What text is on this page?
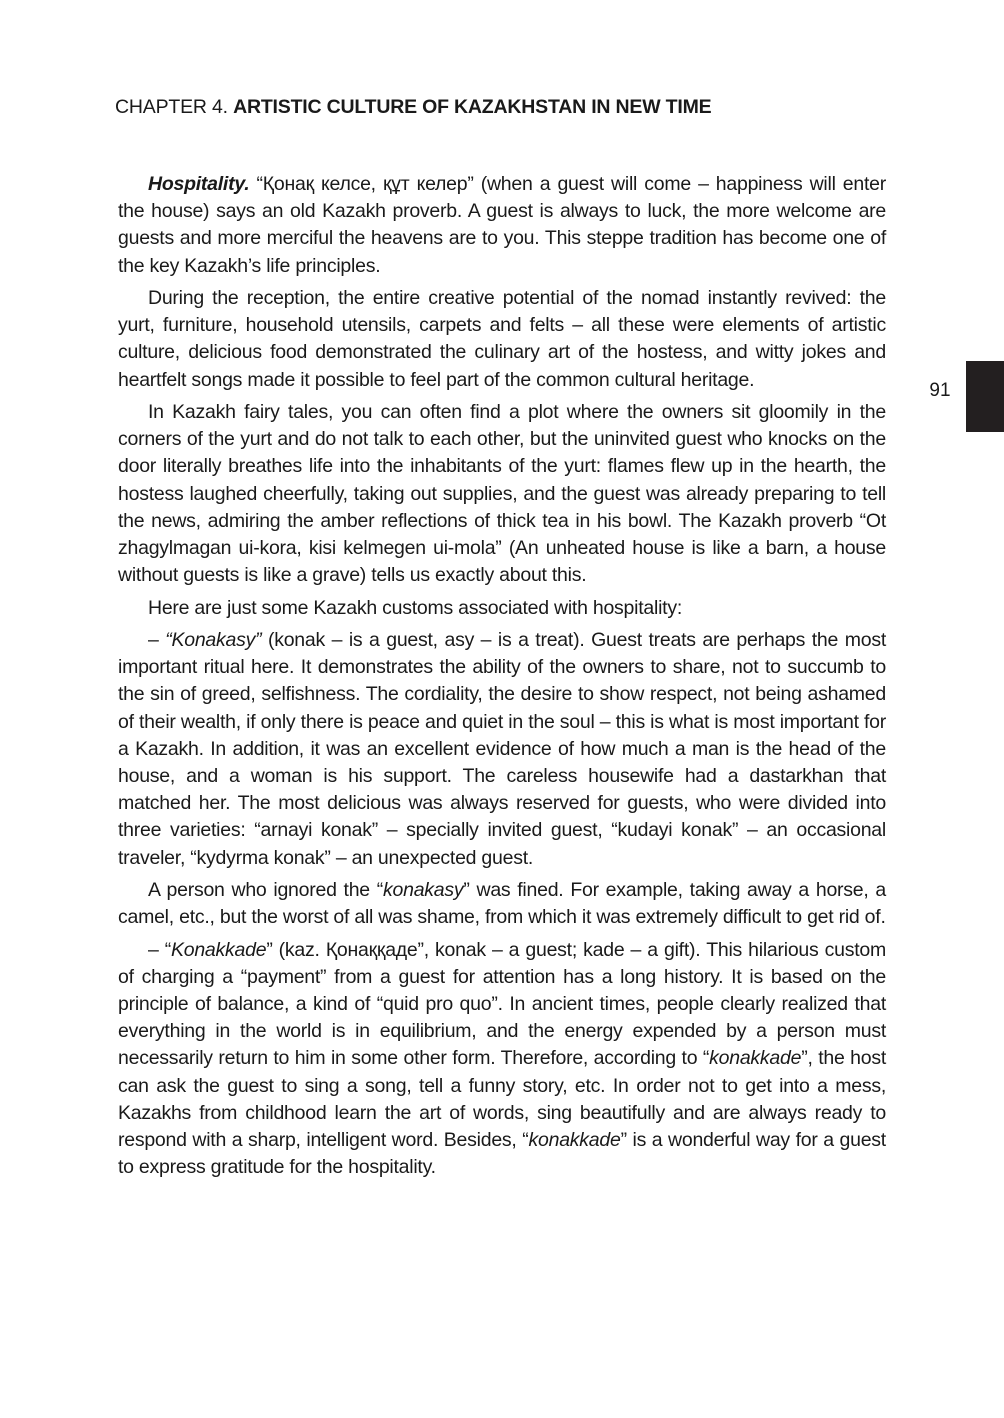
CHAPTER 4. ARTISTIC CULTURE OF KAZAKHSTAN IN NEW TIME
91

Hospitality. “Қонақ келсе, құт келер” (when a guest will come – happiness will enter the house) says an old Kazakh proverb. A guest is always to luck, the more welcome are guests and more merciful the heavens are to you. This steppe tradition has become one of the key Kazakh’s life principles.

During the reception, the entire creative potential of the nomad instantly revived: the yurt, furniture, household utensils, carpets and felts – all these were elements of artistic culture, delicious food demonstrated the culinary art of the hostess, and witty jokes and heartfelt songs made it possible to feel part of the common cultural heritage.

In Kazakh fairy tales, you can often find a plot where the owners sit gloomily in the corners of the yurt and do not talk to each other, but the uninvited guest who knocks on the door literally breathes life into the inhabitants of the yurt: flames flew up in the hearth, the hostess laughed cheerfully, taking out supplies, and the guest was already preparing to tell the news, admiring the amber reflections of thick tea in his bowl. The Kazakh proverb “Ot zhagylmagan ui-kora, kisi kelmegen ui-mola” (An unheated house is like a barn, a house without guests is like a grave) tells us exactly about this.

Here are just some Kazakh customs associated with hospitality:

– “Konakasy” (konak – is a guest, asy – is a treat). Guest treats are perhaps the most important ritual here. It demonstrates the ability of the owners to share, not to succumb to the sin of greed, selfishness. The cordiality, the desire to show respect, not being ashamed of their wealth, if only there is peace and quiet in the soul – this is what is most important for a Kazakh. In addition, it was an excellent evidence of how much a man is the head of the house, and a woman is his support. The careless housewife had a dastarkhan that matched her. The most delicious was always reserved for guests, who were divided into three varieties: “arnayi konak” – specially invited guest, “kudayi konak” – an occasional traveler, “kydyrma konak” – an unexpected guest.

A person who ignored the “konakasy” was fined. For example, taking away a horse, a camel, etc., but the worst of all was shame, from which it was extremely difficult to get rid of.

– “Konakkade” (kaz. Қонаққаде”, konak – a guest; kade – a gift). This hilarious custom of charging a “payment” from a guest for attention has a long history. It is based on the principle of balance, a kind of “quid pro quo”. In ancient times, people clearly realized that everything in the world is in equilibrium, and the energy expended by a person must necessarily return to him in some other form. Therefore, according to “konakkade”, the host can ask the guest to sing a song, tell a funny story, etc. In order not to get into a mess, Kazakhs from childhood learn the art of words, sing beautifully and are always ready to respond with a sharp, intelligent word. Besides, “konakkade” is a wonderful way for a guest to express gratitude for the hospitality.
